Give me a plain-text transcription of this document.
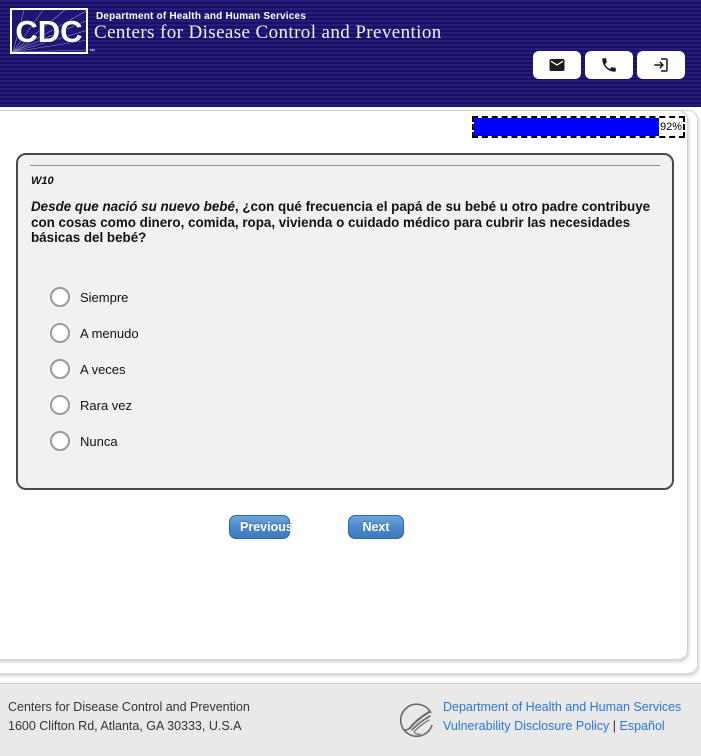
CDC
™
Department of Health and Human Services
Centers for Disease Control and Prevention
92%
W10
Desde que nació su nuevo bebé, ¿con qué frecuencia el papá de su bebé u otro padre contribuye con cosas como dinero, comida, ropa, vivienda o cuidado médico para cubrir las necesidades básicas del bebé?
Siempre
A menudo
A veces
Rara vez
Nunca
Previous	Next
Centers for Disease Control and Prevention
1600 Clifton Rd, Atlanta, GA 30333, U.S.A
Department of Health and Human Services
Vulnerability Disclosure Policy | Español
